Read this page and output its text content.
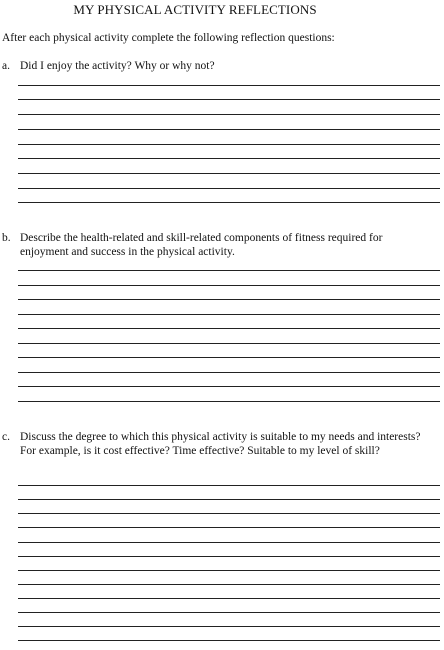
MY PHYSICAL ACTIVITY REFLECTIONS
After each physical activity complete the following reflection questions:
a. Did I enjoy the activity? Why or why not?
b. Describe the health-related and skill-related components of fitness required for enjoyment and success in the physical activity.
c. Discuss the degree to which this physical activity is suitable to my needs and interests? For example, is it cost effective? Time effective? Suitable to my level of skill?
